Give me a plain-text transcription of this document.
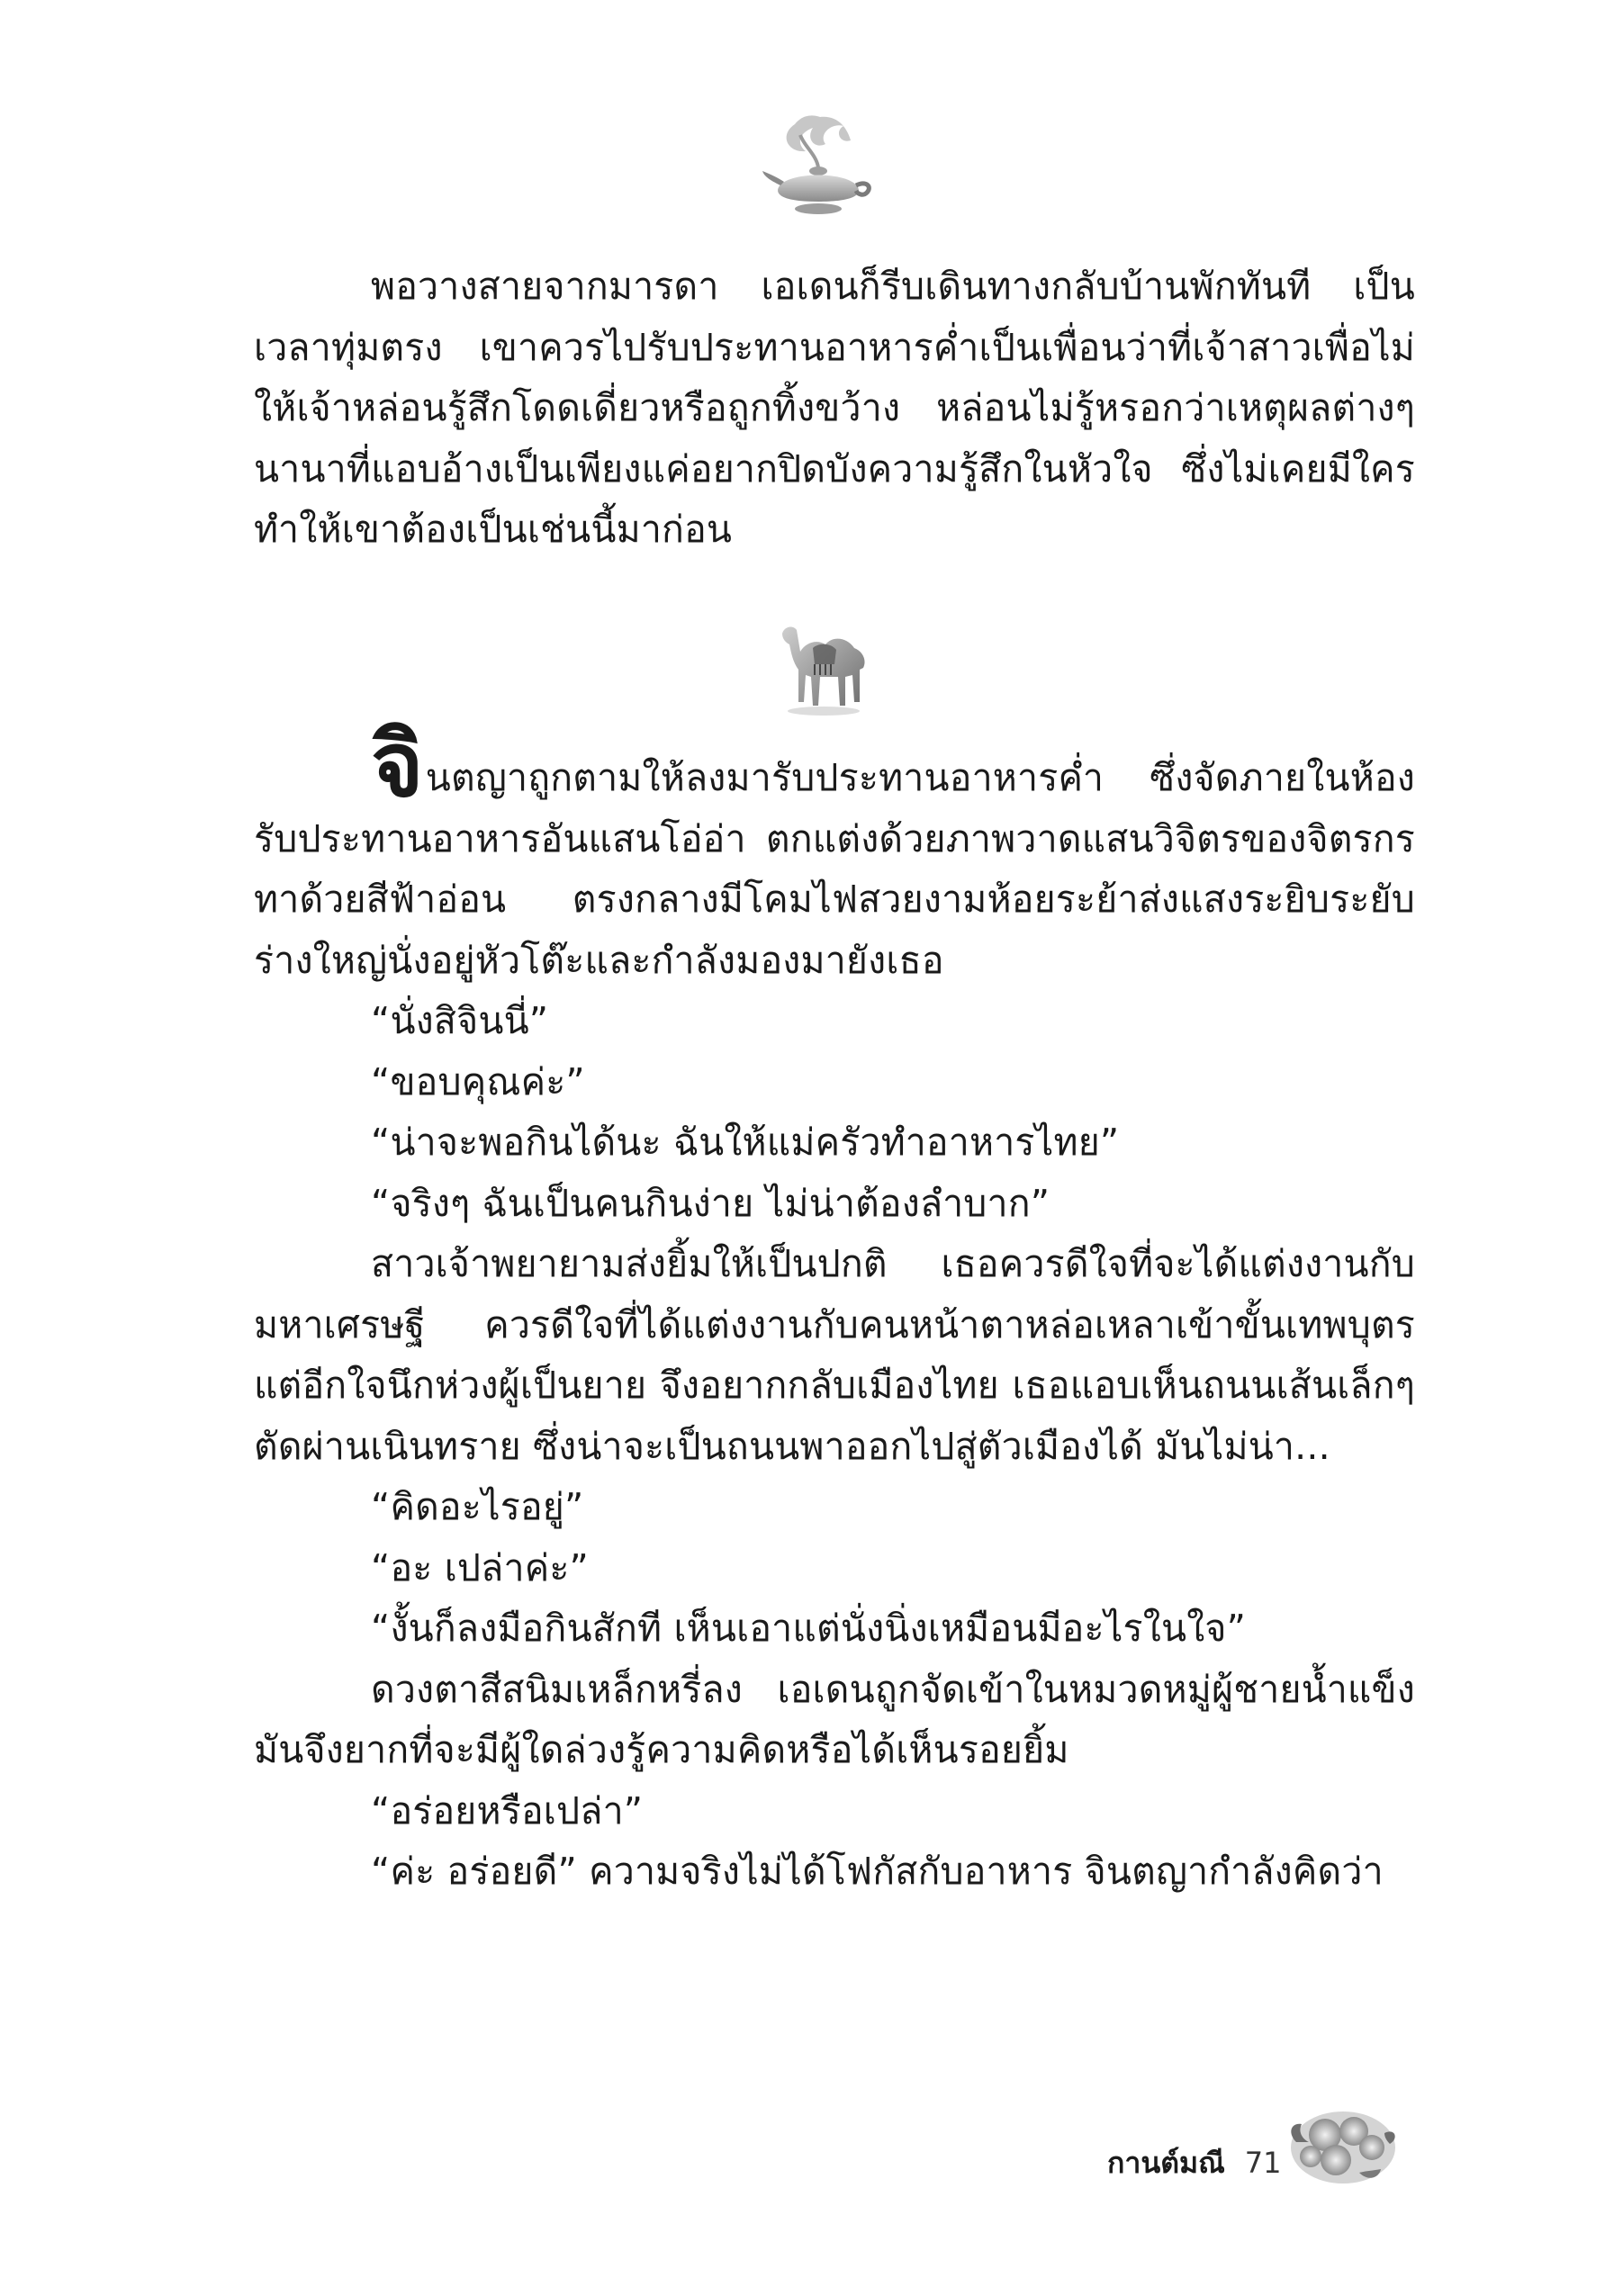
พอวางสายจากมารดา เอเดนก็รีบเดินทางกลับบ้านพักทันที เป็นเวลาทุ่มตรง เขาควรไปรับประทานอาหารค่ำเป็นเพื่อนว่าที่เจ้าสาวเพื่อไม่ให้เจ้าหล่อนรู้สึกโดดเดี่ยวหรือถูกทิ้งขว้าง หล่อนไม่รู้หรอกว่าเหตุผลต่างๆ นานาที่แอบอ้างเป็นเพียงแค่อยากปิดบังความรู้สึกในหัวใจ ซึ่งไม่เคยมีใครทำให้เขาต้องเป็นเช่นนี้มาก่อน

จินตญาถูกตามให้ลงมารับประทานอาหารค่ำ ซึ่งจัดภายในห้องรับประทานอาหารอันแสนโอ่อ่า ตกแต่งด้วยภาพวาดแสนวิจิตรของจิตรกรทาด้วยสีฟ้าอ่อน ตรงกลางมีโคมไฟสวยงามห้อยระย้าส่งแสงระยิบระยับร่างใหญ่นั่งอยู่หัวโต๊ะและกำลังมองมายังเธอ

“นั่งสิจินนี่”

“ขอบคุณค่ะ”

“น่าจะพอกินได้นะ ฉันให้แม่ครัวทำอาหารไทย”

“จริงๆ ฉันเป็นคนกินง่าย ไม่น่าต้องลำบาก”

สาวเจ้าพยายามส่งยิ้มให้เป็นปกติ เธอควรดีใจที่จะได้แต่งงานกับมหาเศรษฐี ควรดีใจที่ได้แต่งงานกับคนหน้าตาหล่อเหลาเข้าขั้นเทพบุตร แต่อีกใจนึกห่วงผู้เป็นยาย จึงอยากกลับเมืองไทย เธอแอบเห็นถนนเส้นเล็กๆ ตัดผ่านเนินทราย ซึ่งน่าจะเป็นถนนพาออกไปสู่ตัวเมืองได้ มันไม่น่า...

“คิดอะไรอยู่”

“อะ เปล่าค่ะ”

“งั้นก็ลงมือกินสักที เห็นเอาแต่นั่งนิ่งเหมือนมีอะไรในใจ”

ดวงตาสีสนิมเหล็กหรี่ลง เอเดนถูกจัดเข้าในหมวดหมู่ผู้ชายน้ำแข็ง มันจึงยากที่จะมีผู้ใดล่วงรู้ความคิดหรือได้เห็นรอยยิ้ม

“อร่อยหรือเปล่า”

“ค่ะ อร่อยดี” ความจริงไม่ได้โฟกัสกับอาหาร จินตญากำลังคิดว่า

กานต์มณี 71
